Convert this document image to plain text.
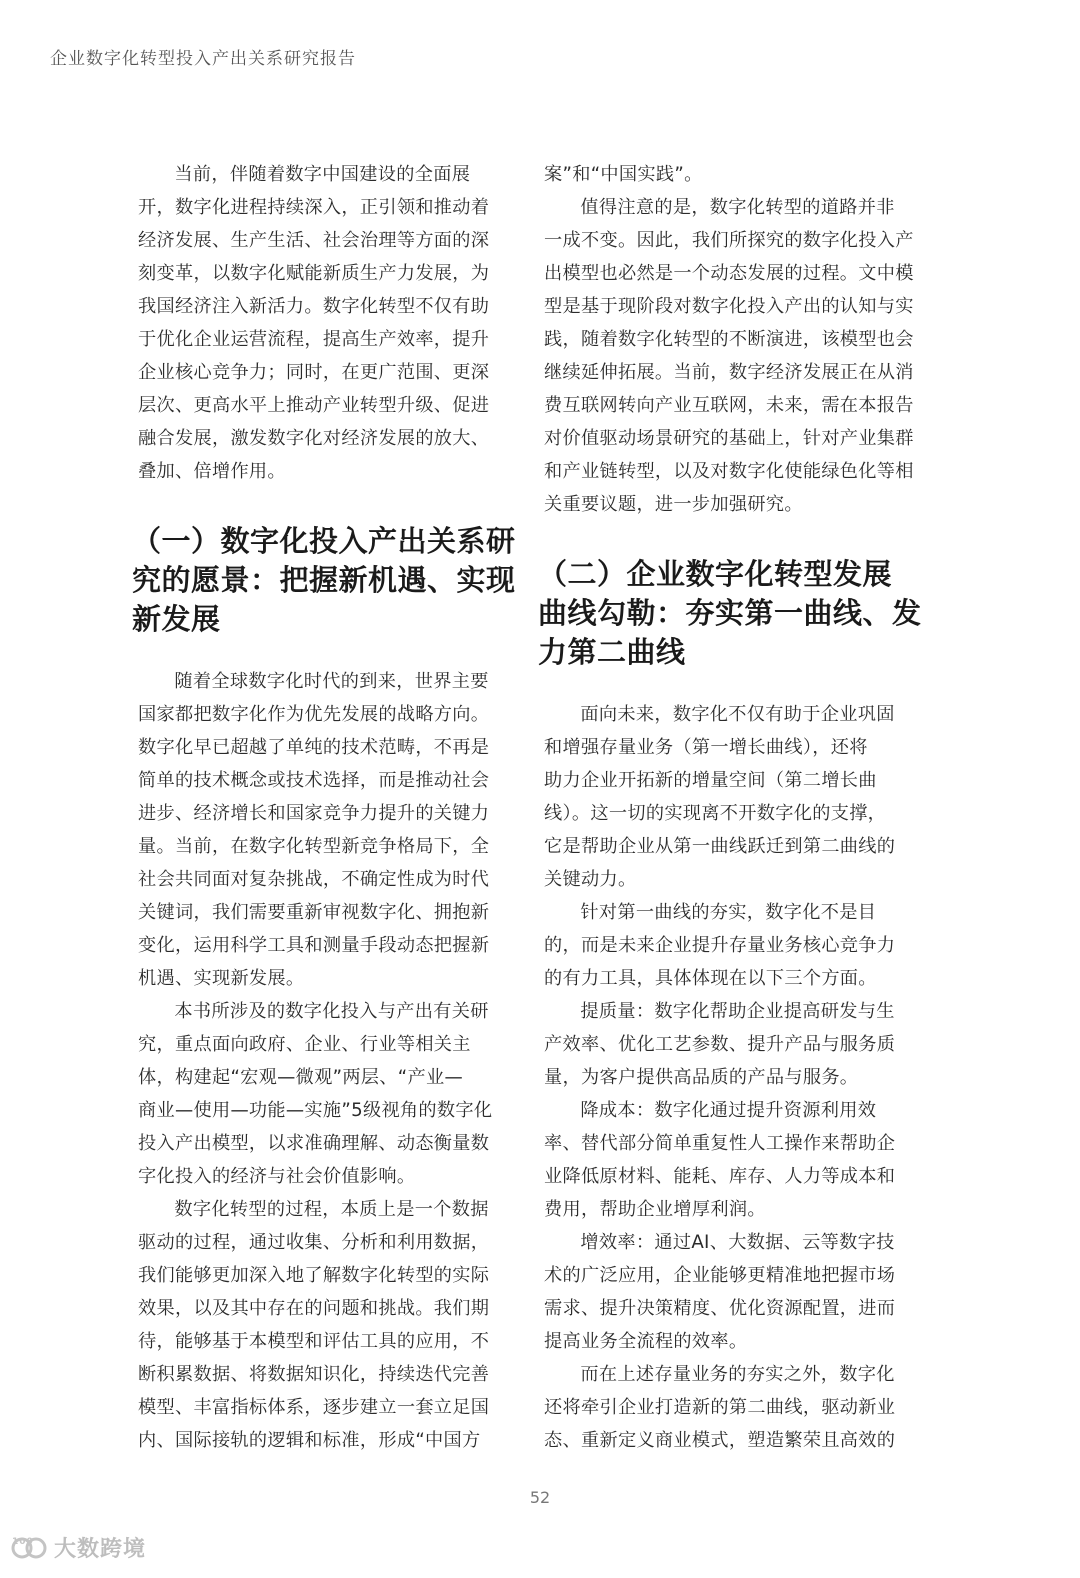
企业数字化转型投入产出关系研究报告
当前，伴随着数字中国建设的全面展
开，数字化进程持续深入，正引领和推动着
经济发展、生产生活、社会治理等方面的深
刻变革，以数字化赋能新质生产力发展，为
我国经济注入新活力。数字化转型不仅有助
于优化企业运营流程，提高生产效率，提升
企业核心竞争力；同时，在更广范围、更深
层次、更高水平上推动产业转型升级、促进
融合发展，激发数字化对经济发展的放大、
叠加、倍增作用。
（一）数字化投入产出关系研
究的愿景：把握新机遇、实现
新发展
随着全球数字化时代的到来，世界主要
国家都把数字化作为优先发展的战略方向。
数字化早已超越了单纯的技术范畴，不再是
简单的技术概念或技术选择，而是推动社会
进步、经济增长和国家竞争力提升的关键力
量。当前，在数字化转型新竞争格局下，全
社会共同面对复杂挑战，不确定性成为时代
关键词，我们需要重新审视数字化、拥抱新
变化，运用科学工具和测量手段动态把握新
机遇、实现新发展。
本书所涉及的数字化投入与产出有关研
究，重点面向政府、企业、行业等相关主
体，构建起“宏观—微观”两层、“产业—
商业—使用—功能—实施”5级视角的数字化
投入产出模型，以求准确理解、动态衡量数
字化投入的经济与社会价值影响。
数字化转型的过程，本质上是一个数据
驱动的过程，通过收集、分析和利用数据，
我们能够更加深入地了解数字化转型的实际
效果，以及其中存在的问题和挑战。我们期
待，能够基于本模型和评估工具的应用，不
断积累数据、将数据知识化，持续迭代完善
模型、丰富指标体系，逐步建立一套立足国
内、国际接轨的逻辑和标准，形成“中国方
案”和“中国实践”。
值得注意的是，数字化转型的道路并非
一成不变。因此，我们所探究的数字化投入产
出模型也必然是一个动态发展的过程。文中模
型是基于现阶段对数字化投入产出的认知与实
践，随着数字化转型的不断演进，该模型也会
继续延伸拓展。当前，数字经济发展正在从消
费互联网转向产业互联网，未来，需在本报告
对价值驱动场景研究的基础上，针对产业集群
和产业链转型，以及对数字化使能绿色化等相
关重要议题，进一步加强研究。
（二）企业数字化转型发展
曲线勾勒：夯实第一曲线、发
力第二曲线
面向未来，数字化不仅有助于企业巩固
和增强存量业务（第一增长曲线），还将
助力企业开拓新的增量空间（第二增长曲
线）。这一切的实现离不开数字化的支撑，
它是帮助企业从第一曲线跃迁到第二曲线的
关键动力。
针对第一曲线的夯实，数字化不是目
的，而是未来企业提升存量业务核心竞争力
的有力工具，具体体现在以下三个方面。
提质量：数字化帮助企业提高研发与生
产效率、优化工艺参数、提升产品与服务质
量，为客户提供高品质的产品与服务。
降成本：数字化通过提升资源利用效
率、替代部分简单重复性人工操作来帮助企
业降低原材料、能耗、库存、人力等成本和
费用，帮助企业增厚利润。
增效率：通过AI、大数据、云等数字技
术的广泛应用，企业能够更精准地把握市场
需求、提升决策精度、优化资源配置，进而
提高业务全流程的效率。
而在上述存量业务的夯实之外，数字化
还将牵引企业打造新的第二曲线，驱动新业
态、重新定义商业模式，塑造繁荣且高效的
52
100 大数跨境
